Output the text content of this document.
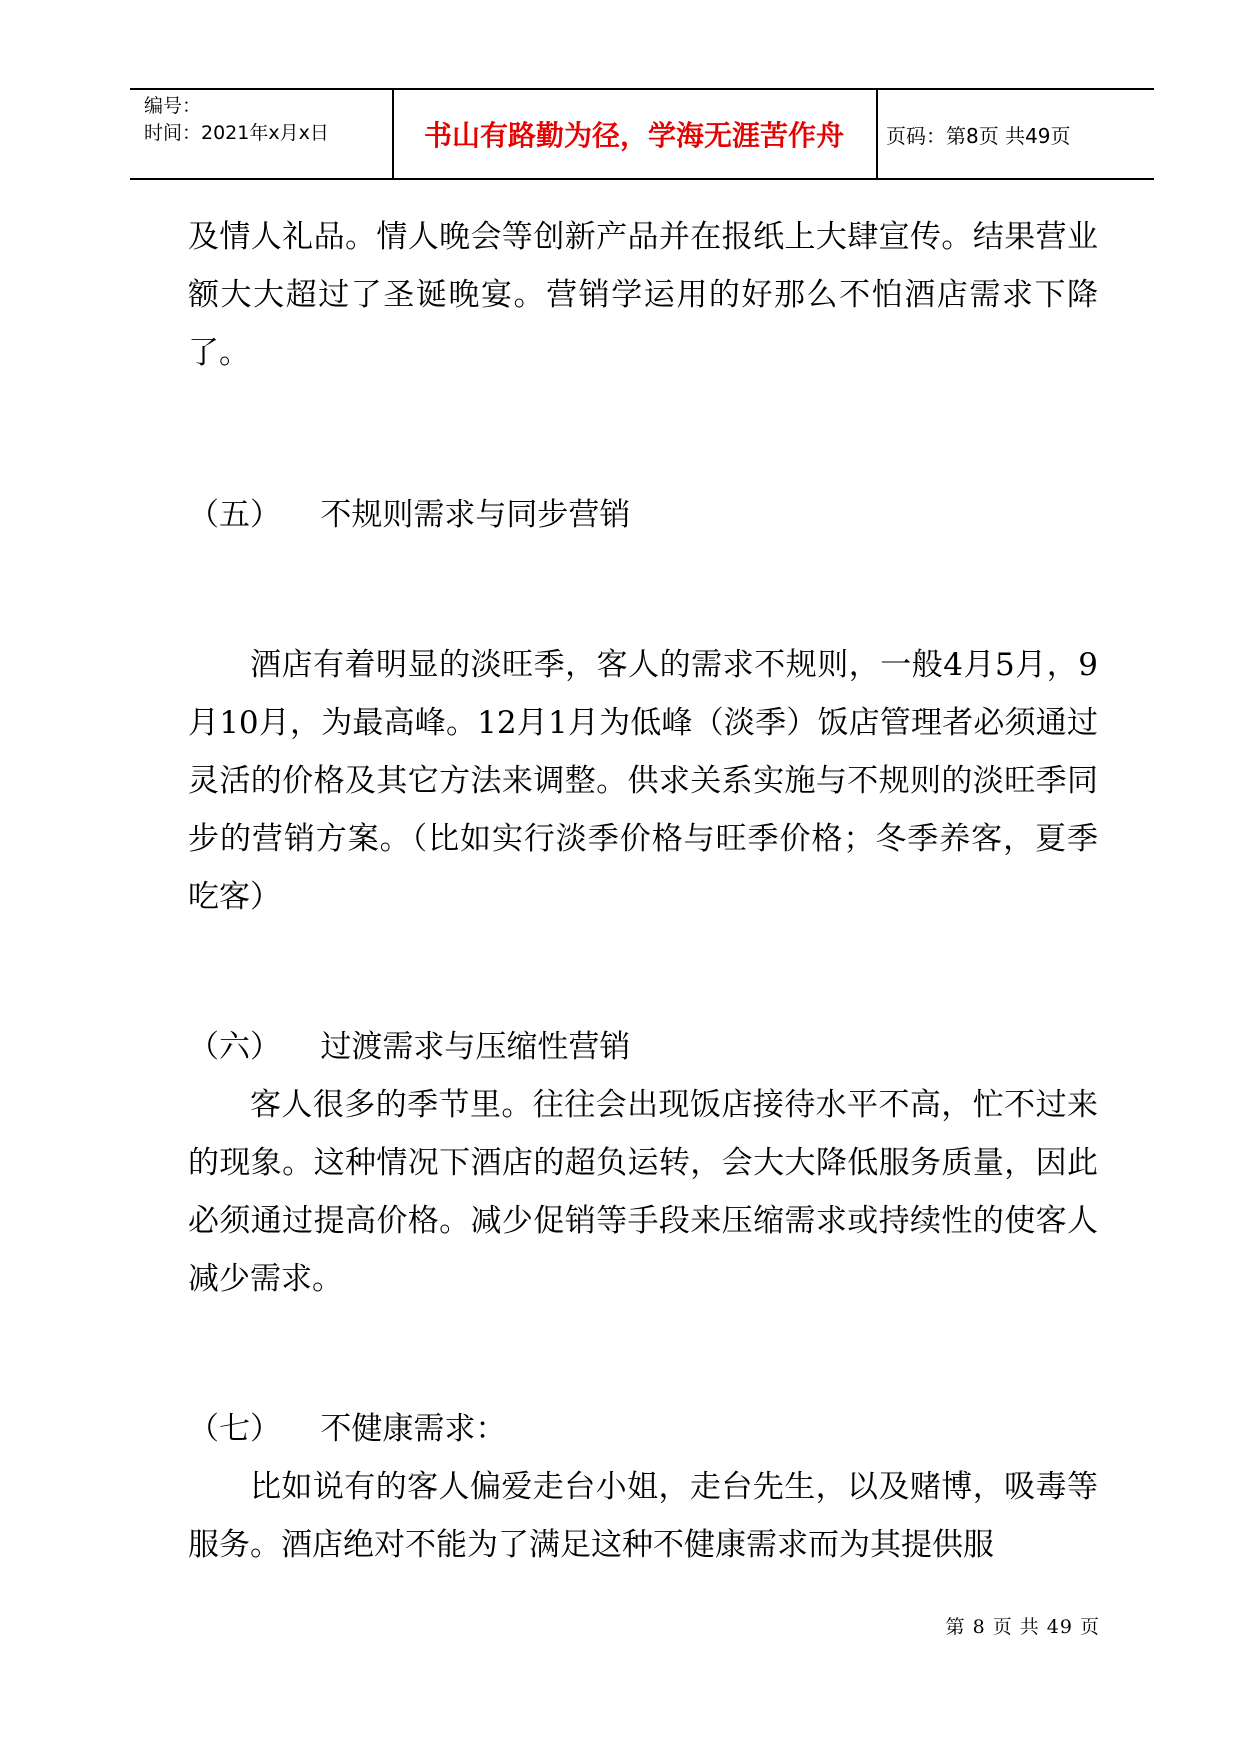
编号：
时间：2021年x月x日	书山有路勤为径，学海无涯苦作舟	页码：第8页 共49页

及情人礼品。情人晚会等创新产品并在报纸上大肆宣传。结果营业额大大超过了圣诞晚宴。营销学运用的好那么不怕酒店需求下降了。

（五）    不规则需求与同步营销

酒店有着明显的淡旺季，客人的需求不规则，一般4月5月，9月10月，为最高峰。12月1月为低峰（淡季）饭店管理者必须通过灵活的价格及其它方法来调整。供求关系实施与不规则的淡旺季同步的营销方案。（比如实行淡季价格与旺季价格；冬季养客，夏季吃客）

（六）    过渡需求与压缩性营销

客人很多的季节里。往往会出现饭店接待水平不高，忙不过来的现象。这种情况下酒店的超负运转，会大大降低服务质量，因此必须通过提高价格。减少促销等手段来压缩需求或持续性的使客人减少需求。

（七）    不健康需求：

比如说有的客人偏爱走台小姐，走台先生，以及赌博，吸毒等服务。酒店绝对不能为了满足这种不健康需求而为其提供服

第 8 页 共 49 页
